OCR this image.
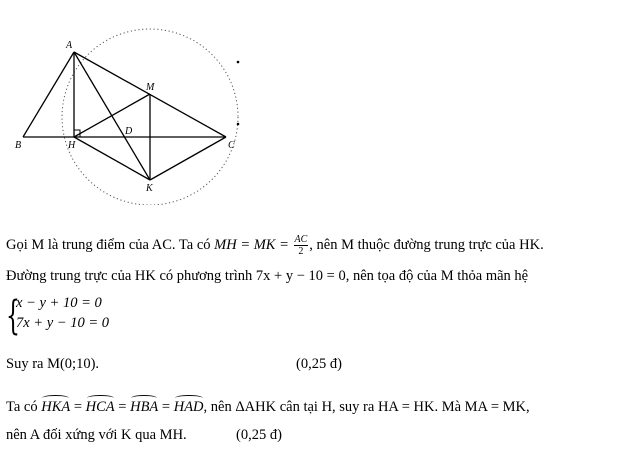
A
B	H
D
M
C
K
Gọi M là trung điểm của AC. Ta có MH = MK = $\frac{AC}{2}$ , nên M thuộc đường trung trực của HK.
Đường trung trực của HK có phương trình 7x + y − 10 = 0, nên tọa độ của M thỏa mãn hệ
{
x − y + 10 = 0
7x + y − 10 = 0
Suy ra M(0;10).	(0,25 đ)
Ta có HKA = HCA = HBA = HAD, nên ΔAHK cân tại H, suy ra HA = HK. Mà MA = MK,
nên A đối xứng với K qua MH.	(0,25 đ)
